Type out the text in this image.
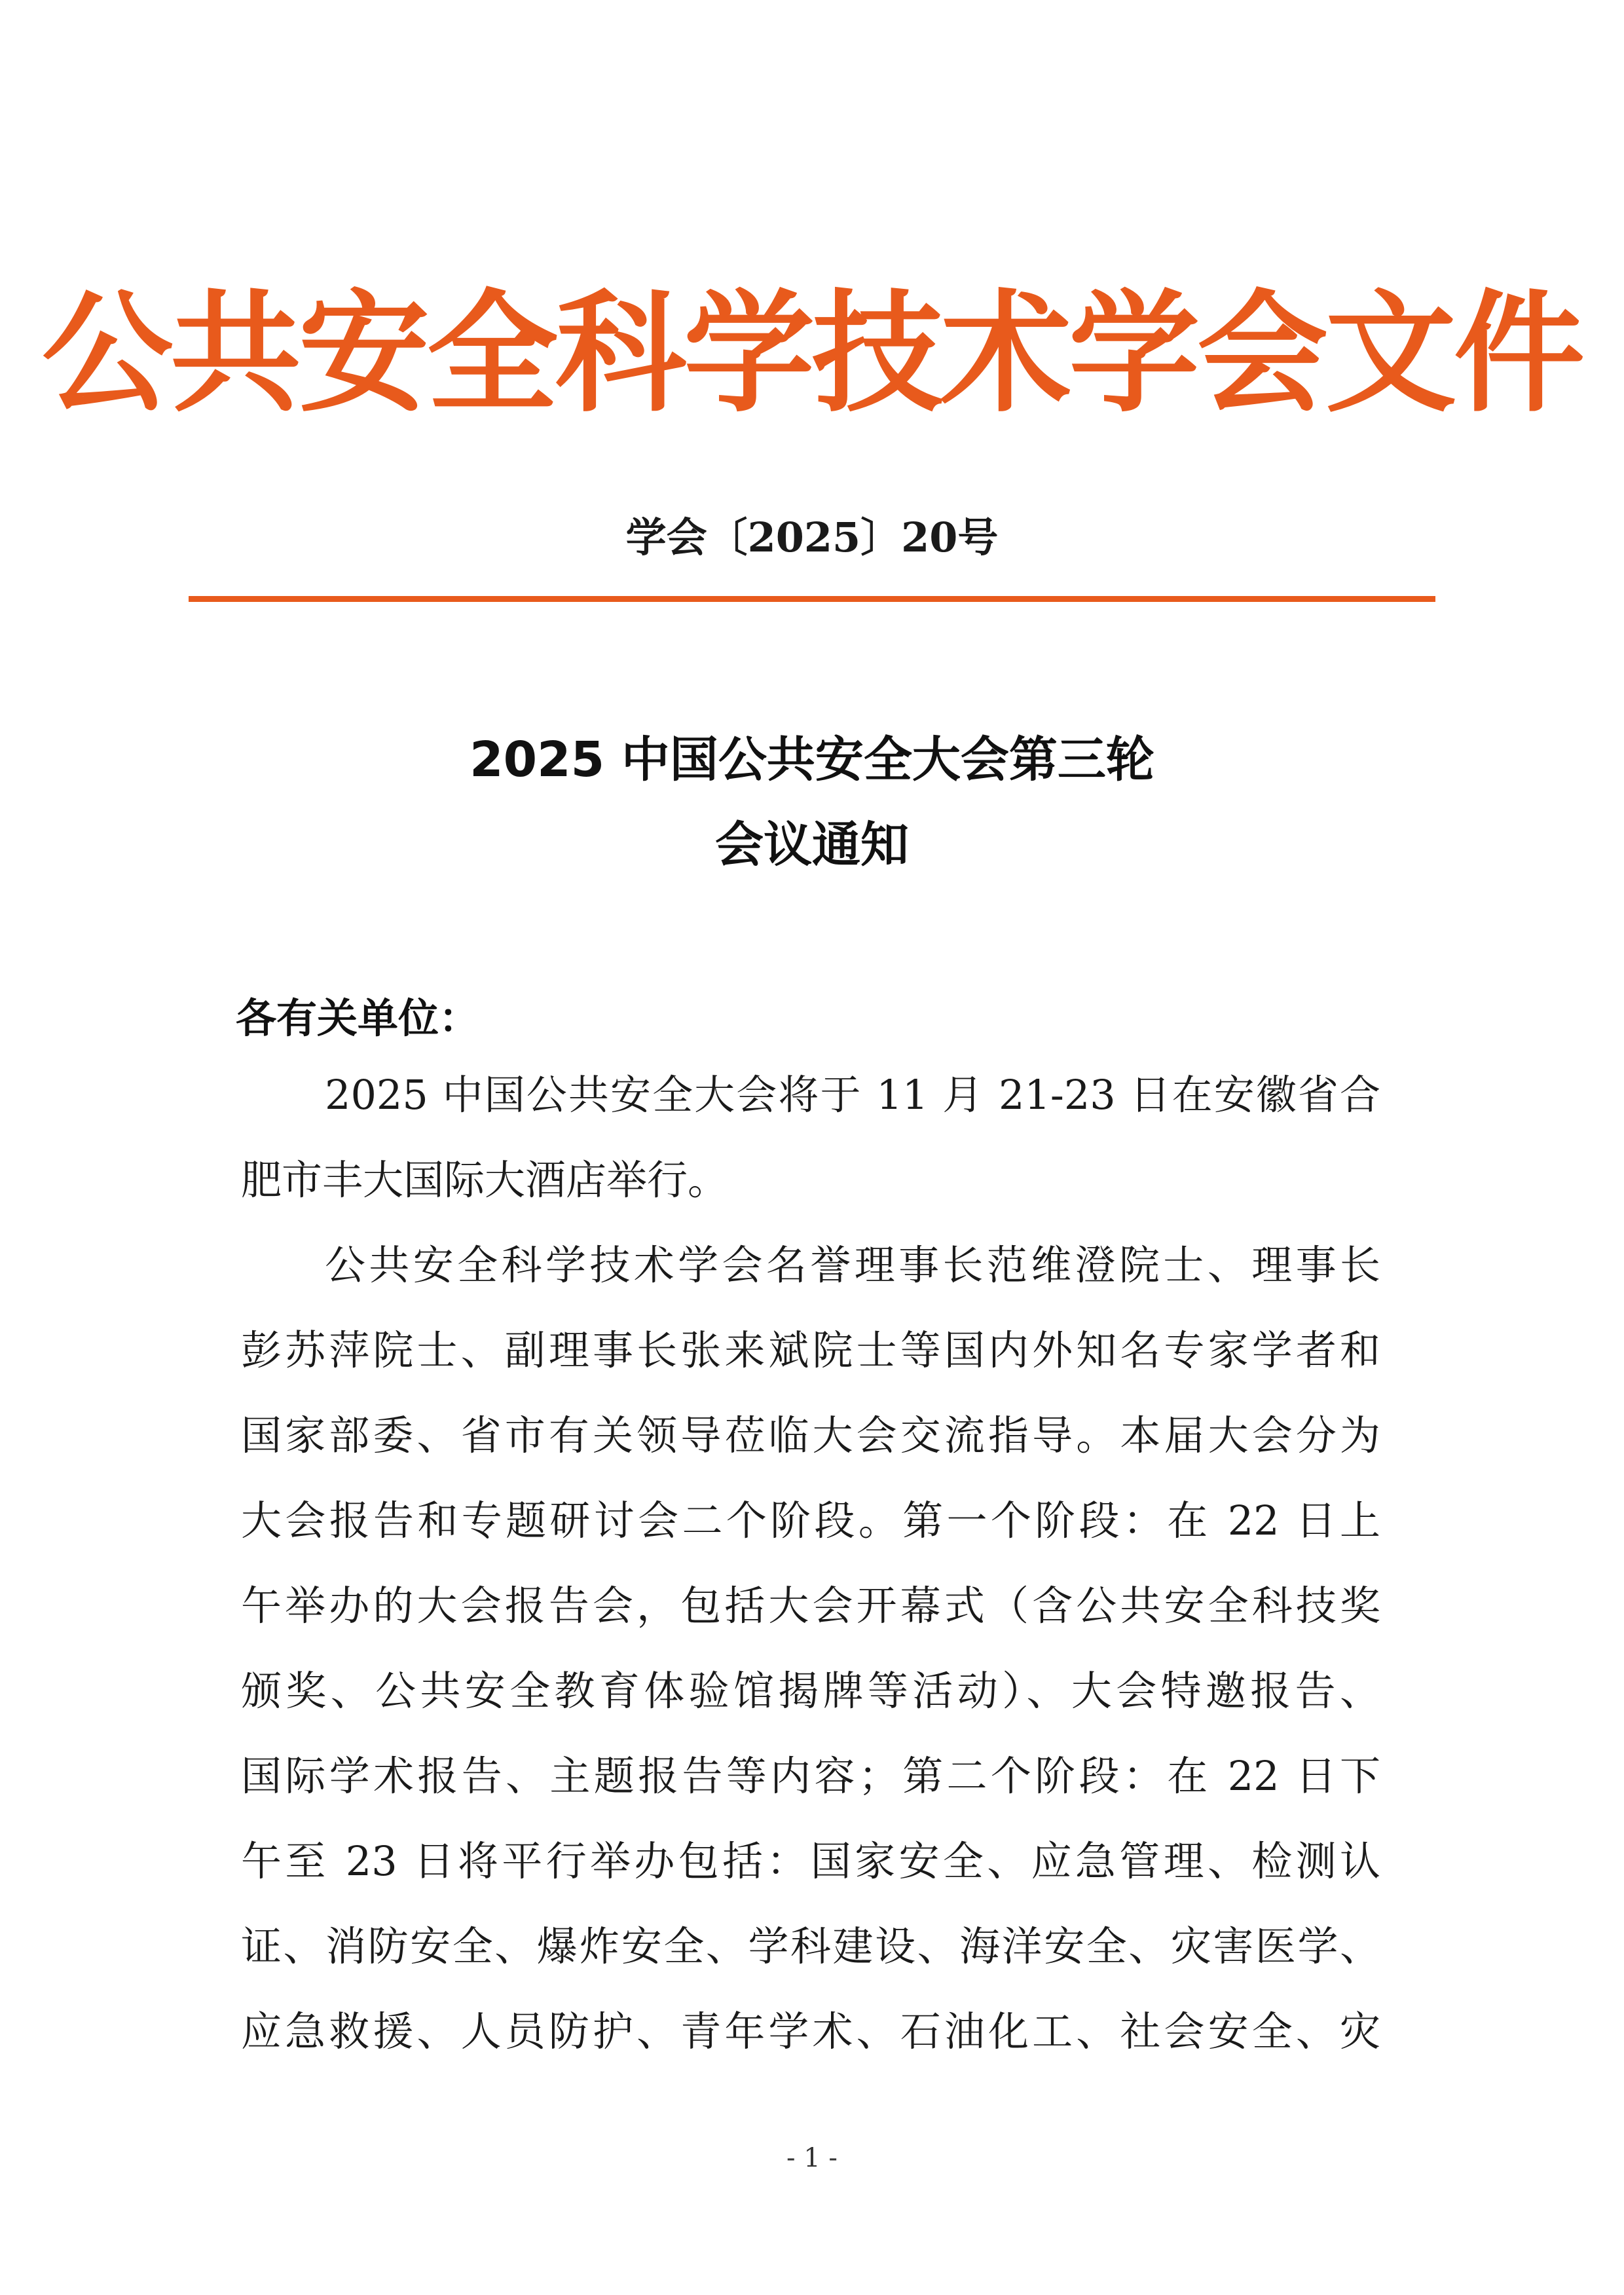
公共安全科学技术学会文件
学会〔2025〕20号
2025 中国公共安全大会第三轮
会议通知
各有关单位：
2025 中国公共安全大会将于 11 月 21-23 日在安徽省合
肥市丰大国际大酒店举行。
公共安全科学技术学会名誉理事长范维澄院士、理事长
彭苏萍院士、副理事长张来斌院士等国内外知名专家学者和
国家部委、省市有关领导莅临大会交流指导。本届大会分为
大会报告和专题研讨会二个阶段。第一个阶段：在 22 日上
午举办的大会报告会，包括大会开幕式（含公共安全科技奖
颁奖、公共安全教育体验馆揭牌等活动）、大会特邀报告、
国际学术报告、主题报告等内容；第二个阶段：在 22 日下
午至 23 日将平行举办包括：国家安全、应急管理、检测认
证、消防安全、爆炸安全、学科建设、海洋安全、灾害医学、
应急救援、人员防护、青年学术、石油化工、社会安全、灾
- 1 -
